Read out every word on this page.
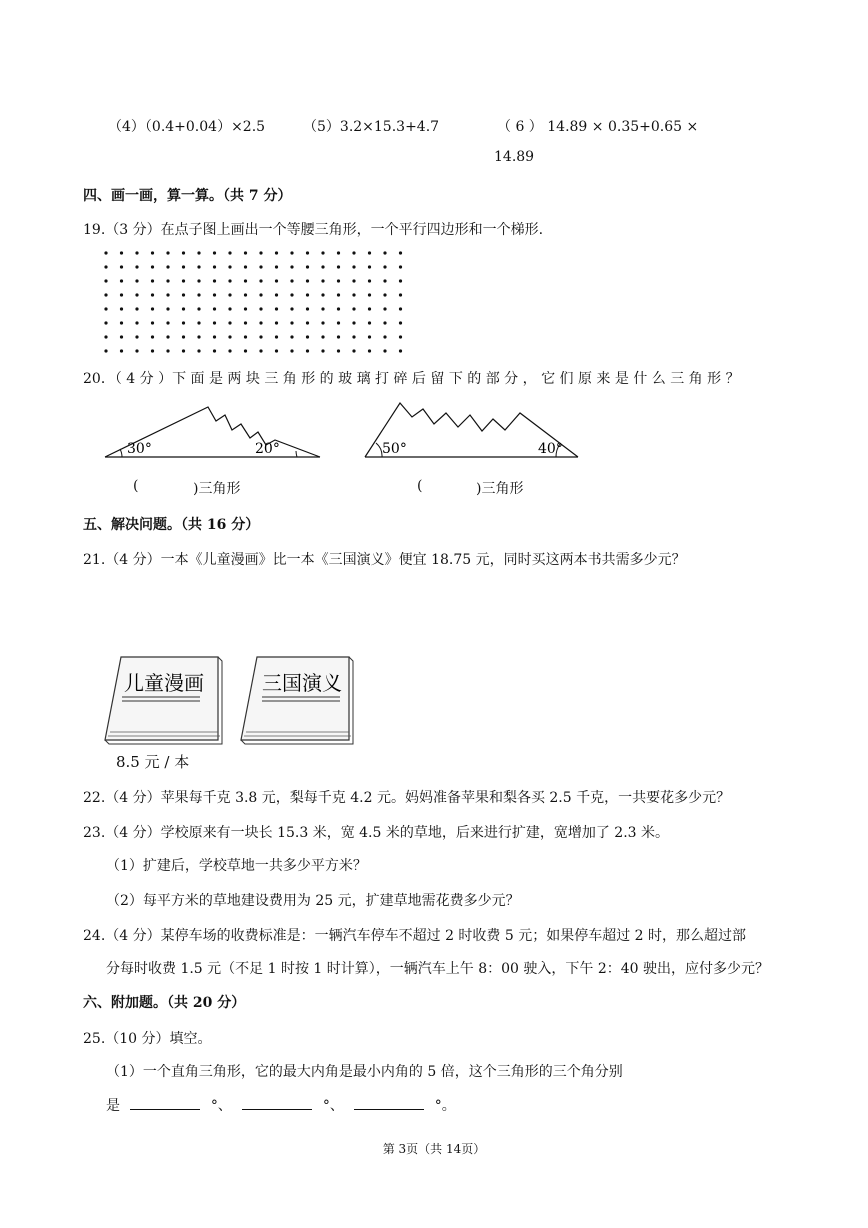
（4）（0.4+0.04）×2.5	（5）3.2×15.3+4.7	（ 6 ） 14.89 × 0.35+0.65 ×
14.89
四、画一画，算一算。（共 7 分）
19.（3 分）在点子图上画出一个等腰三角形，一个平行四边形和一个梯形.
20．（ 4 分 ）下 面 是 两 块 三 角 形 的 玻 璃 打 碎 后 留 下 的 部 分 ， 它 们 原 来 是 什 么 三 角 形 ？
30°	20°	50°	40°
(	)三角形	(	)三角形
五、解决问题。（共 16 分）
21.（4 分）一本《儿童漫画》比一本《三国演义》便宜 18.75 元，同时买这两本书共需多少元？
儿童漫画
8.5 元 / 本
三国演义
22.（4 分）苹果每千克 3.8 元，梨每千克 4.2 元。妈妈准备苹果和梨各买 2.5 千克，一共要花多少元？
23.（4 分）学校原来有一块长 15.3 米，宽 4.5 米的草地，后来进行扩建，宽增加了 2.3 米。
（1）扩建后，学校草地一共多少平方米？
（2）每平方米的草地建设费用为 25 元，扩建草地需花费多少元？
24.（4 分）某停车场的收费标准是：一辆汽车停车不超过 2 时收费 5 元；如果停车超过 2 时，那么超过部
分每时收费 1.5 元（不足 1 时按 1 时计算），一辆汽车上午 8：00 驶入，下午 2：40 驶出，应付多少元？
六、附加题。（共 20 分）
25.（10 分）填空。
（1）一个直角三角形，它的最大内角是最小内角的 5 倍，这个三角形的三个角分别
是	°、	°、	°。
第 3页（共 14页）
